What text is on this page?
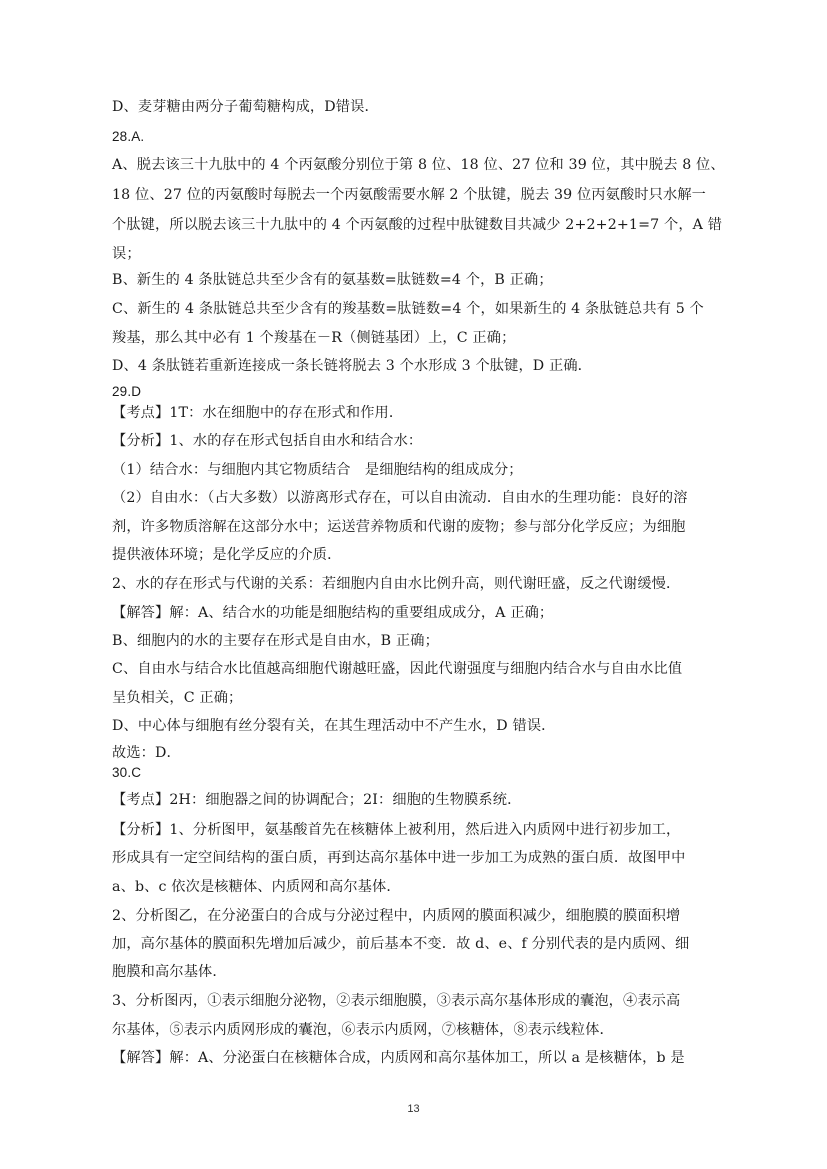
D、麦芽糖由两分子葡萄糖构成，D错误．
28.A.
A、脱去该三十九肽中的 4 个丙氨酸分别位于第 8 位、18 位、27 位和 39 位，其中脱去 8 位、
18 位、27 位的丙氨酸时每脱去一个丙氨酸需要水解 2 个肽键，脱去 39 位丙氨酸时只水解一
个肽键，所以脱去该三十九肽中的 4 个丙氨酸的过程中肽键数目共减少 2+2+2+1=7 个，A 错
误；
B、新生的 4 条肽链总共至少含有的氨基数=肽链数=4 个，B 正确；
C、新生的 4 条肽链总共至少含有的羧基数=肽链数=4 个，如果新生的 4 条肽链总共有 5 个
羧基，那么其中必有 1 个羧基在－R（侧链基团）上，C 正确；
D、4 条肽链若重新连接成一条长链将脱去 3 个水形成 3 个肽键，D 正确．
29.D
【考点】1T：水在细胞中的存在形式和作用．
【分析】1、水的存在形式包括自由水和结合水：
（1）结合水：与细胞内其它物质结合　是细胞结构的组成成分；
（2）自由水：（占大多数）以游离形式存在，可以自由流动．自由水的生理功能：良好的溶
剂，许多物质溶解在这部分水中；运送营养物质和代谢的废物；参与部分化学反应；为细胞
提供液体环境；是化学反应的介质．
2、水的存在形式与代谢的关系：若细胞内自由水比例升高，则代谢旺盛，反之代谢缓慢．
【解答】解：A、结合水的功能是细胞结构的重要组成成分，A 正确；
B、细胞内的水的主要存在形式是自由水，B 正确；
C、自由水与结合水比值越高细胞代谢越旺盛，因此代谢强度与细胞内结合水与自由水比值
呈负相关，C 正确；
D、中心体与细胞有丝分裂有关，在其生理活动中不产生水，D 错误．
故选：D．
30.C
【考点】2H：细胞器之间的协调配合；2I：细胞的生物膜系统．
【分析】1、分析图甲，氨基酸首先在核糖体上被利用，然后进入内质网中进行初步加工，
形成具有一定空间结构的蛋白质，再到达高尔基体中进一步加工为成熟的蛋白质．故图甲中
a、b、c 依次是核糖体、内质网和高尔基体．
2、分析图乙，在分泌蛋白的合成与分泌过程中，内质网的膜面积减少，细胞膜的膜面积增
加，高尔基体的膜面积先增加后减少，前后基本不变．故 d、e、f 分别代表的是内质网、细
胞膜和高尔基体．
3、分析图丙，①表示细胞分泌物，②表示细胞膜，③表示高尔基体形成的囊泡，④表示高
尔基体，⑤表示内质网形成的囊泡，⑥表示内质网，⑦核糖体，⑧表示线粒体．
【解答】解：A、分泌蛋白在核糖体合成，内质网和高尔基体加工，所以 a 是核糖体，b 是
13
